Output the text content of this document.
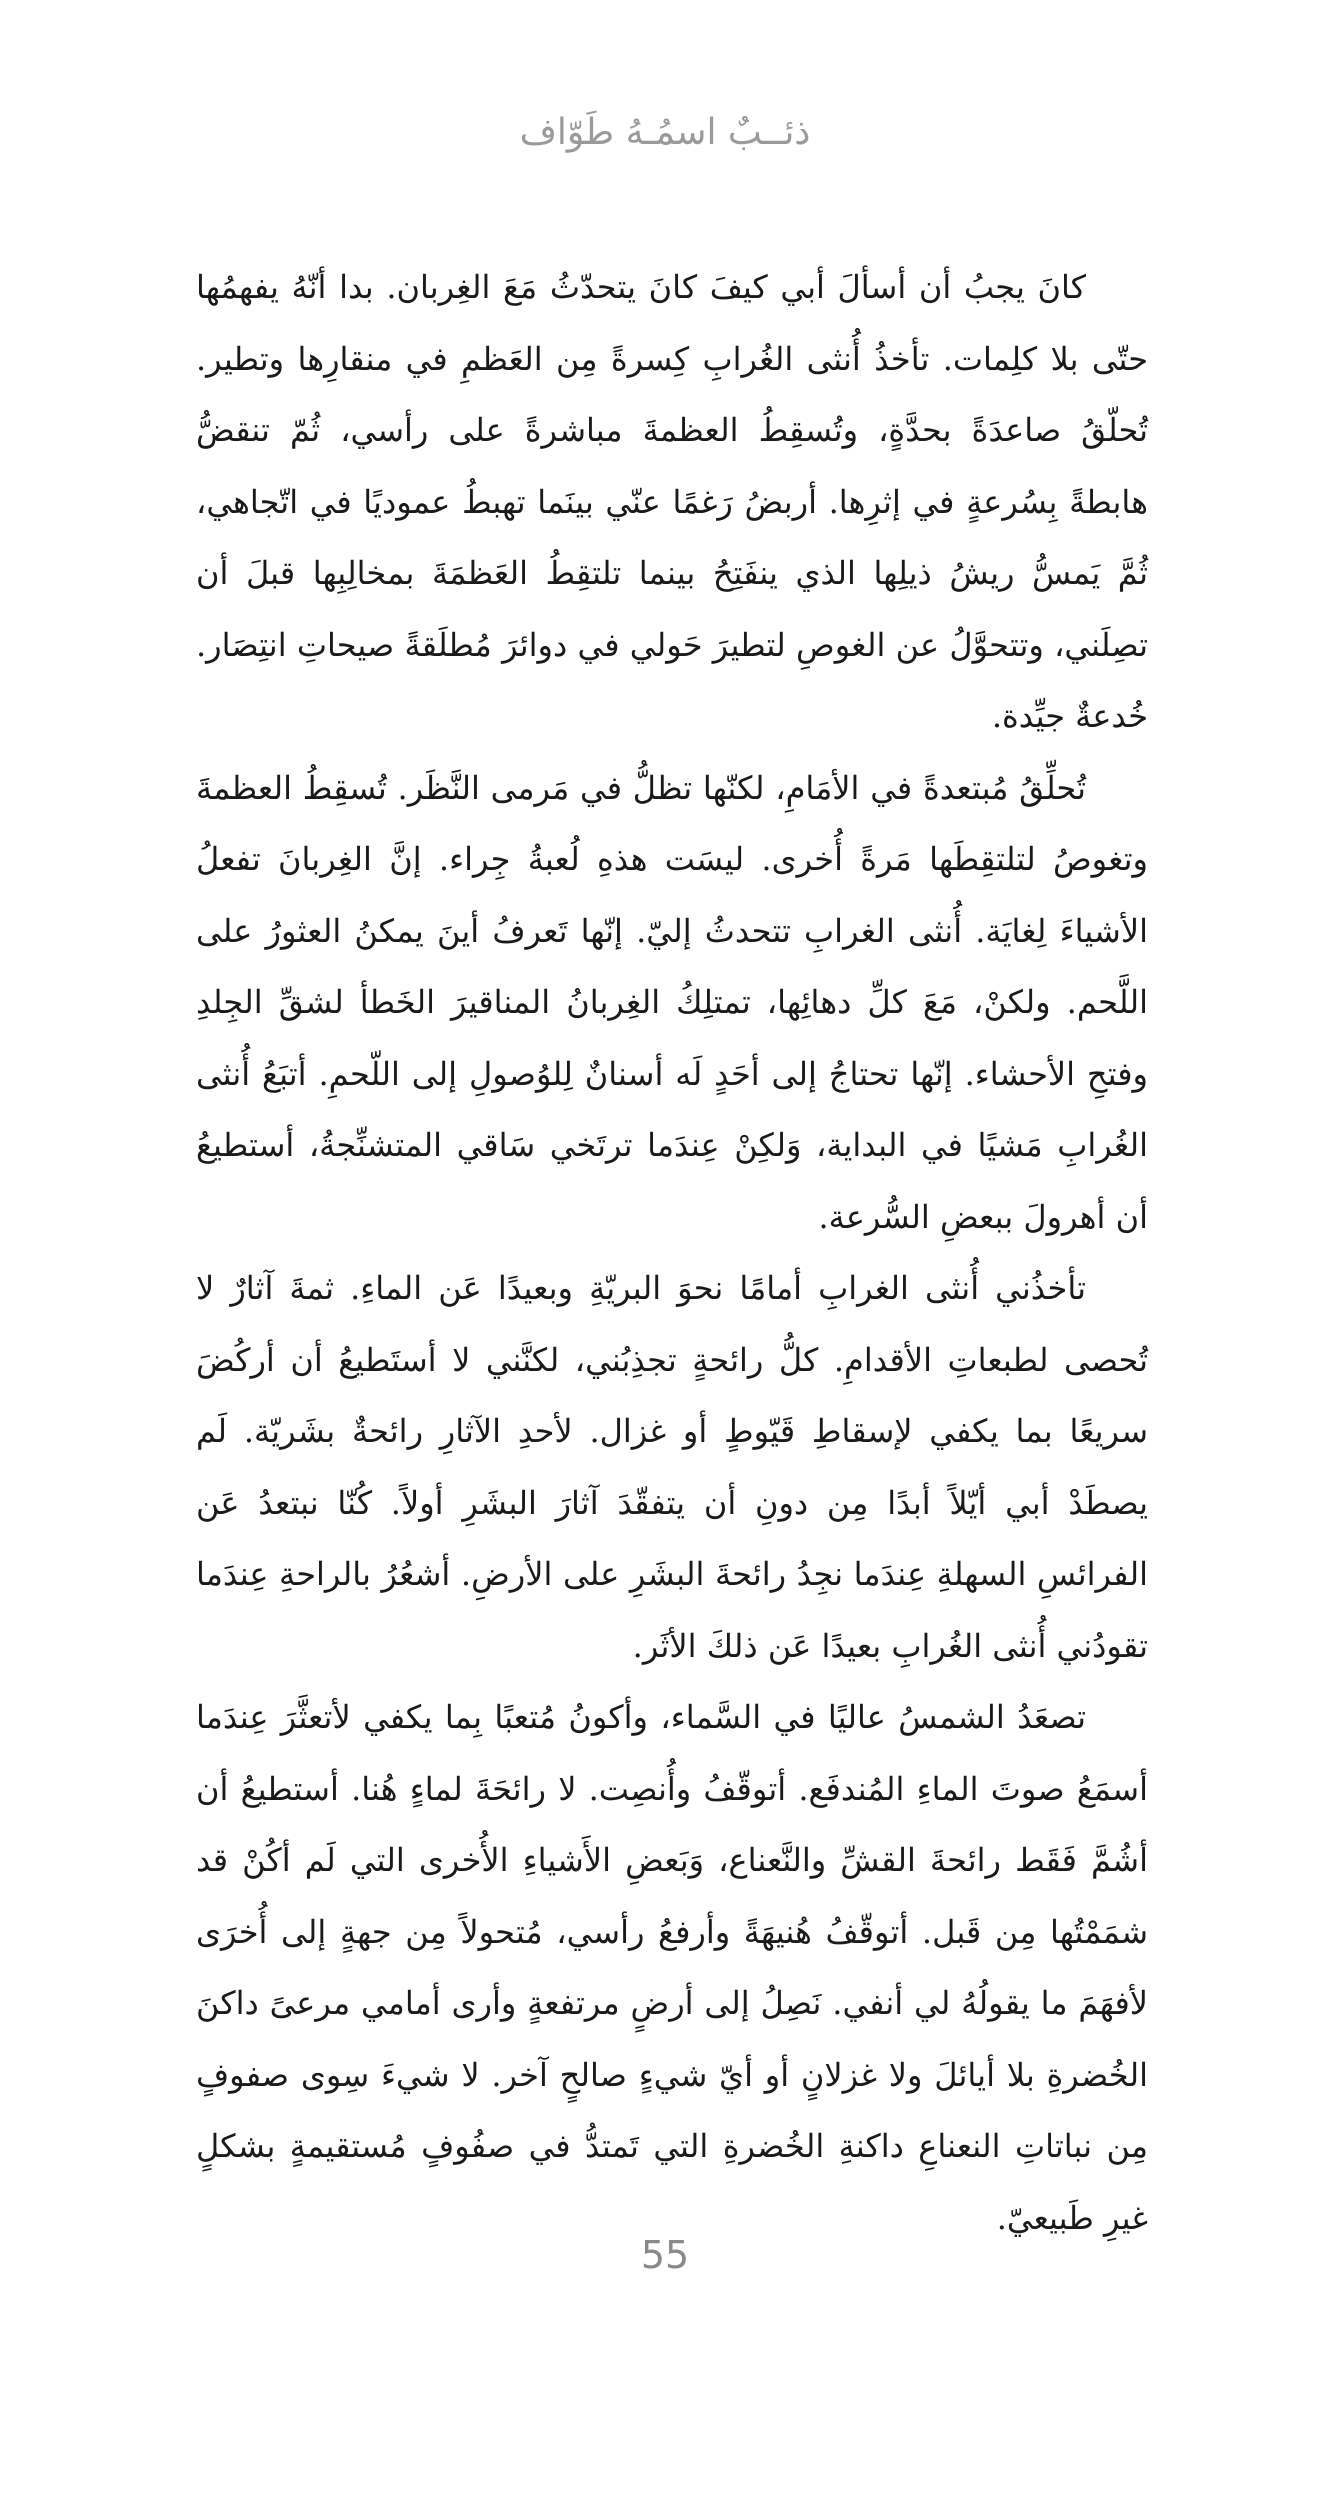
ذئــبٌ اسمُـهُ طَوّاف

كانَ يجبُ أن أسألَ أبي كيفَ كانَ يتحدّثُ مَعَ الغِربان. بدا أنّهُ يفهمُها حتّى بلا كلِمات. تأخذُ أُنثى الغُرابِ كِسرةً مِن العَظمِ في منقارِها وتطير. تُحلّقُ صاعدَةً بحدَّةٍ، وتُسقِطُ العظمةَ مباشرةً على رأسي، ثُمّ تنقضُّ هابطةً بِسُرعةٍ في إثرِها. أربضُ رَغمًا عنّي بينَما تهبطُ عموديًا في اتّجاهي، ثُمَّ يَمسُّ ريشُ ذيلِها الذي ينفَتِحُ بينما تلتقِطُ العَظمَةَ بمخالِبِها قبلَ أن تصِلَني، وتتحوَّلُ عن الغوصِ لتطيرَ حَولي في دوائرَ مُطلَقةً صيحاتِ انتِصَار. خُدعةٌ جيِّدة.

تُحلِّقُ مُبتعدةً في الأمَامِ، لكنّها تظلُّ في مَرمى النَّظَر. تُسقِطُ العظمةَ وتغوصُ لتلتقِطَها مَرةً أُخرى. ليسَت هذهِ لُعبةُ جِراء. إنَّ الغِربانَ تفعلُ الأشياءَ لِغايَة. أُنثى الغرابِ تتحدثُ إليّ. إنّها تَعرفُ أينَ يمكنُ العثورُ على اللَّحم. ولكنْ، مَعَ كلِّ دهائِها، تمتلِكُ الغِربانُ المناقيرَ الخَطأ لشقِّ الجِلدِ وفتحِ الأحشاء. إنّها تحتاجُ إلى أحَدٍ لَه أسنانٌ لِلوُصولِ إلى اللّحمِ. أتبَعُ أُنثى الغُرابِ مَشيًا في البداية، وَلكِنْ عِندَما ترتَخي سَاقي المتشنِّجةُ، أستطيعُ أن أهرولَ ببعضِ السُّرعة.

تأخذُني أُنثى الغرابِ أمامًا نحوَ البريّةِ وبعيدًا عَن الماءِ. ثمةَ آثارٌ لا تُحصى لطبعاتِ الأقدامِ. كلُّ رائحةٍ تجذِبُني، لكنَّني لا أستَطيعُ أن أركُضَ سريعًا بما يكفي لإسقاطِ قَيّوطٍ أو غزال. لأحدِ الآثارِ رائحةٌ بشَريّة. لَم يصطَدْ أبي أيّلاً أبدًا مِن دونِ أن يتفقّدَ آثارَ البشَرِ أولاً. كُنّا نبتعدُ عَن الفرائسِ السهلةِ عِندَما نجِدُ رائحةَ البشَرِ على الأرضِ. أشعُرُ بالراحةِ عِندَما تقودُني أُنثى الغُرابِ بعيدًا عَن ذلكَ الأثَر.

تصعَدُ الشمسُ عاليًا في السَّماء، وأكونُ مُتعبًا بِما يكفي لأتعثَّرَ عِندَما أسمَعُ صوتَ الماءِ المُندفَع. أتوقّفُ وأُنصِت. لا رائحَةَ لماءٍ هُنا. أستطيعُ أن أشُمَّ فَقَط رائحةَ القشِّ والنَّعناع، وَبَعضِ الأَشياءِ الأُخرى التي لَم أكُنْ قد شمَمْتُها مِن قَبل. أتوقّفُ هُنيهَةً وأرفعُ رأسي، مُتحولاً مِن جهةٍ إلى أُخرَى لأفهَمَ ما يقولُهُ لي أنفي. نَصِلُ إلى أرضٍ مرتفعةٍ وأرى أمامي مرعىً داكنَ الخُضرةِ بلا أيائلَ ولا غزلانٍ أو أيّ شيءٍ صالحٍ آخر. لا شيءَ سِوى صفوفٍ مِن نباتاتِ النعناعِ داكنةِ الخُضرةِ التي تَمتدُّ في صفُوفٍ مُستقيمةٍ بشكلٍ غيرِ طَبيعيّ.

55
